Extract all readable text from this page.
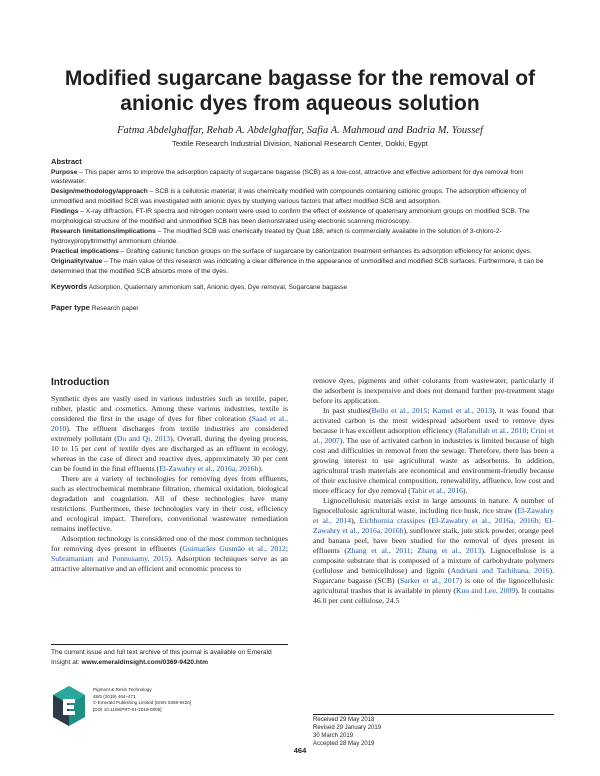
Modified sugarcane bagasse for the removal of
anionic dyes from aqueous solution
Fatma Abdelghaffar, Rehab A. Abdelghaffar, Safia A. Mahmoud and Badria M. Youssef
Textile Research Industrial Division, National Research Center, Dokki, Egypt
Abstract

Purpose – This paper aims to improve the adsorption capacity of sugarcane bagasse (SCB) as a low-cost, attractive and effective adsorbent for dye removal from wastewater.

Design/methodology/approach – SCB is a cellulosic material; it was chemically modified with compounds containing cationic groups. The adsorption efficiency of unmodified and modified SCB was investigated with anionic dyes by studying various factors that affect modified SCB and adsorption.

Findings – X-ray diffraction, FT-IR spectra and nitrogen content were used to confirm the effect of existence of quaternary ammonium groups on modified SCB. The morphological structure of the modified and unmodified SCB has been demonstrated using electronic scanning microscopy.

Research limitations/implications – The modified SCB was chemically treated by Quat 188, which is commercially available in the solution of 3-chloro-2-hydroxypropyltrimethyl ammonium chloride.

Practical implications – Grafting cationic function groups on the surface of sugarcane by cationization treatment enhances its adsorption efficiency for anionic dyes.

Originality/value – The main value of this research was indicating a clear difference in the appearance of unmodified and modified SCB surfaces. Furthermore, it can be determined that the modified SCB absorbs more of the dyes.

Keywords Adsorption, Quaternary ammonium salt, Anionic dyes, Dye removal, Sugarcane bagasse
Paper type Research paper
Introduction

Synthetic dyes are vastly used in various industries such as textile, paper, rubber, plastic and cosmetics. Among these various industries, textile is considered the first in the usage of dyes for fiber coloration (Saad et al., 2010). The effluent discharges from textile industries are considered extremely pollutant (Du and Qi, 2013). Overall, during the dyeing process, 10 to 15 per cent of textile dyes are discharged as an effluent in ecology, whereas in the case of direct and reactive dyes, approximately 30 per cent can be found in the final effluents (El-Zawahry et al., 2016a, 2016b).

There are a variety of technologies for removing dyes from effluents, such as electrochemical membrane filtration, chemical oxidation, biological degradation and coagulation. All of these technologies have many restrictions. Furthermore, these technologies vary in their cost, efficiency and ecological impact. Therefore, conventional wastewater remediation remains ineffective.

Adsorption technology is considered one of the most common techniques for removing dyes present in effluents (Guimarães Gusmão et al., 2012; Subramaniam and Ponnusamy, 2015). Adsorption techniques serve as an attractive alternative and an efficient and economic process to

remove dyes, pigments and other colorants from wastewater, particularly if the adsorbent is inexpensive and does not demand further pre-treatment stage before its application.

In past studies(Bello et al., 2015; Kamel et al., 2013), it was found that activated carbon is the most widespread adsorbent used to remove dyes because it has excellent adsorption efficiency (Rafatullah et al., 2010; Crini et al., 2007). The use of activated carbon in industries is limited because of high cost and difficulties in removal from the sewage. Therefore, there has been a growing interest to use agricultural waste as adsorbents. In addition, agricultural trash materials are economical and environment-friendly because of their exclusive chemical composition, renewability, affluence, low cost and more efficacy for dye removal (Tahir et al., 2016).

Lignocellulosic materials exist in large amounts in nature. A number of lignocellulosic agricultural waste, including rice husk, rice straw (El-Zawahry et al., 2014), Eichhornia crassipes (El-Zawahry et al., 2016a, 2016b; El-Zawahry et al., 2016a, 2016b), sunflower stalk, jute stick powder, orange peel and banana peel, have been studied for the removal of dyes present in effluents (Zhang et al., 2011; Zhang et al., 2013). Lignocellulose is a composite substrate that is composed of a mixture of carbohydrate polymers (cellulose and hemicellulose) and lignin (Andriani and Tachibana, 2016). Sugarcane bagasse (SCB) (Sarker et al., 2017) is one of the lignocellulosic agricultural trashes that is available in plenty (Kuo and Lee, 2009). It contains 46.0 per cent cellulose, 24.5

The current issue and full text archive of this journal is available on Emerald Insight at: www.emeraldinsight.com/0369-9420.htm
Pigment & Resin Technology
48/5 (2019) 464–471
© Emerald Publishing Limited [ISSN 0369-9420]
[DOI 10.1108/PRT-01-2019-0005]
Received 29 May 2018
Revised 29 January 2019
30 March 2019
Accepted 28 May 2019
464
